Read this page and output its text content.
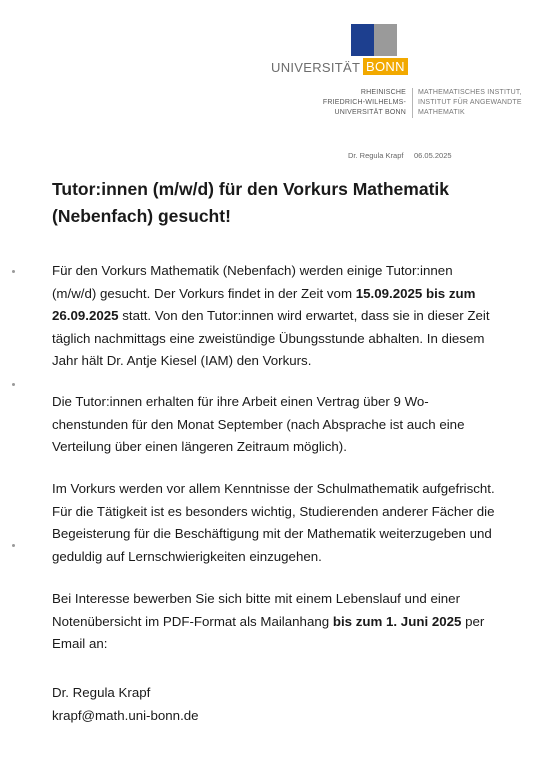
UNIVERSITÄT BONN
RHEINISCHE
FRIEDRICH-WILHELMS-
UNIVERSITÄT BONN
MATHEMATISCHES INSTITUT,
INSTITUT FÜR ANGEWANDTE
MATHEMATIK
Dr. Regula Krapf 06.05.2025
Tutor:innen (m/w/d) für den Vorkurs Mathematik
(Nebenfach) gesucht!

Für den Vorkurs Mathematik (Nebenfach) werden einige Tutor:innen (m/w/d) gesucht. Der Vorkurs findet in der Zeit vom 15.09.2025 bis zum 26.09.2025 statt. Von den Tutor:innen wird erwartet, dass sie in dieser Zeit täglich nachmittags eine zweistündige Übungsstunde abhalten. In diesem Jahr hält Dr. Antje Kiesel (IAM) den Vorkurs.

Die Tutor:innen erhalten für ihre Arbeit einen Vertrag über 9 Wochenstunden für den Monat September (nach Absprache ist auch eine Verteilung über einen längeren Zeitraum möglich).

Im Vorkurs werden vor allem Kenntnisse der Schulmathematik aufgefrischt. Für die Tätigkeit ist es besonders wichtig, Studierenden anderer Fächer die Begeisterung für die Beschäftigung mit der Mathematik weiterzugeben und geduldig auf Lernschwierigkeiten einzugehen.

Bei Interesse bewerben Sie sich bitte mit einem Lebenslauf und einer Notenübersicht im PDF-Format als Mailanhang bis zum 1. Juni 2025 per Email an:

Dr. Regula Krapf
krapf@math.uni-bonn.de
